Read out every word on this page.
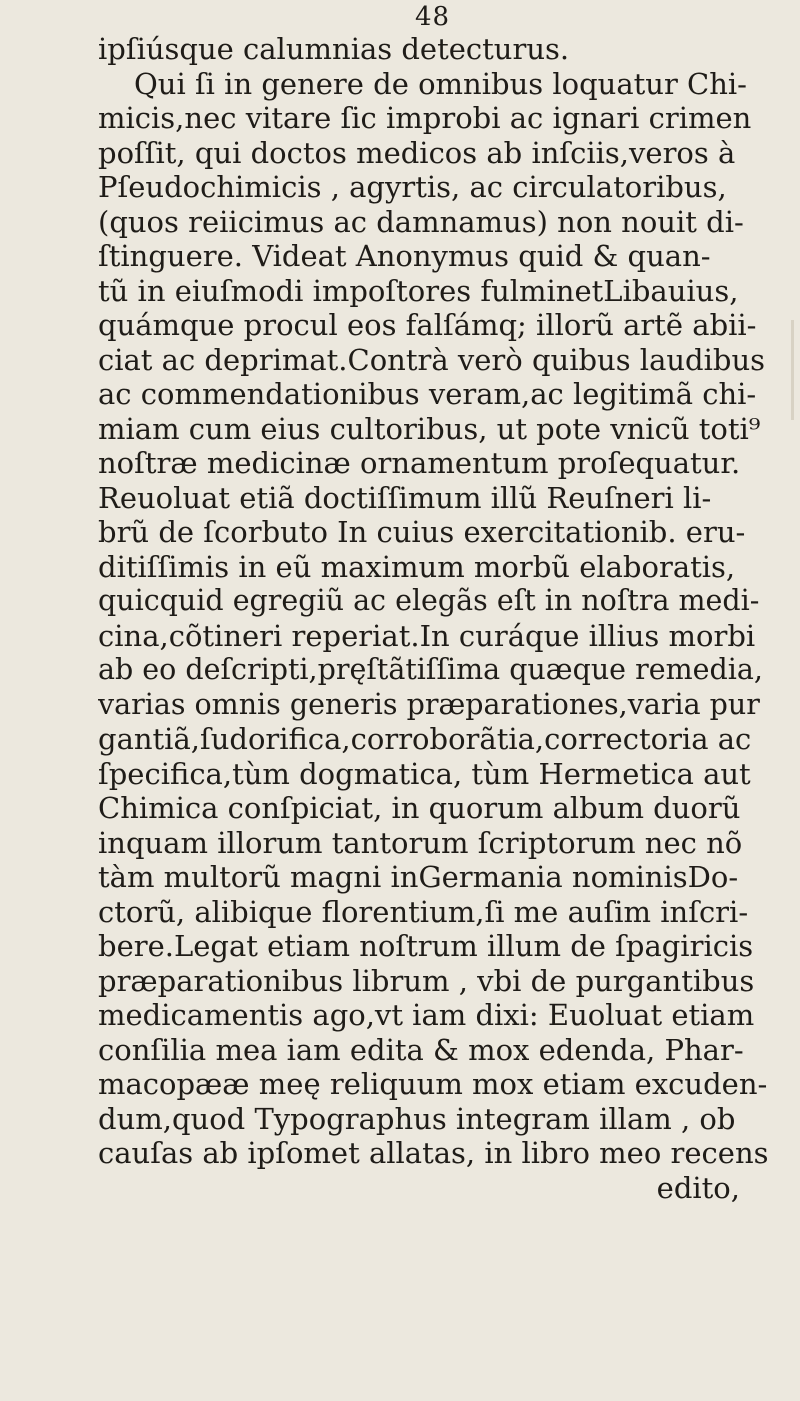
48
ipſiúsque calumnias detecturus.
Qui ſi in genere de omnibus loquatur Chi-
micis,nec vitare ſic improbi ac ignari crimen
poſſit, qui doctos medicos ab inſciis,veros à
Pſeudochimicis , agyrtis, ac circulatoribus,
(quos reiicimus ac damnamus) non nouit di-
ſtinguere. Videat Anonymus quid & quan-
tũ in eiuſmodi impoſtores fulminetLibauius,
quámque procul eos falſámq; illorũ artẽ abii-
ciat ac deprimat.Contrà verò quibus laudibus
ac commendationibus veram,ac legitimã chi-
miam cum eius cultoribus, ut pote vnicũ toti⁹
noſtræ medicinæ ornamentum proſequatur.
Reuoluat etiã doctiſſimum illũ Reuſneri li-
brũ de ſcorbuto In cuius exercitationib. eru-
ditiſſimis in eũ maximum morbũ elaboratis,
quicquid egregiũ ac elegãs eſt in noſtra medi-
cina,cõtineri reperiat.In curáque illius morbi
ab eo deſcripti,pręſtãtiſſima quæque remedia,
varias omnis generis præparationes,varia pur
gantiã,ſudorifica,corroborãtia,correctoria ac
ſpecifica,tùm dogmatica, tùm Hermetica aut
Chimica conſpiciat, in quorum album duorũ
inquam illorum tantorum ſcriptorum nec nõ
tàm multorũ magni inGermania nominisDo-
ctorũ, alibique florentium,ſi me auſim inſcri-
bere.Legat etiam noſtrum illum de ſpagiricis
præparationibus librum , vbi de purgantibus
medicamentis ago,vt iam dixi: Euoluat etiam
conſilia mea iam edita & mox edenda, Phar-
macopææ meę reliquum mox etiam excuden-
dum,quod Typographus integram illam , ob
cauſas ab ipſomet allatas, in libro meo recens
edito,
